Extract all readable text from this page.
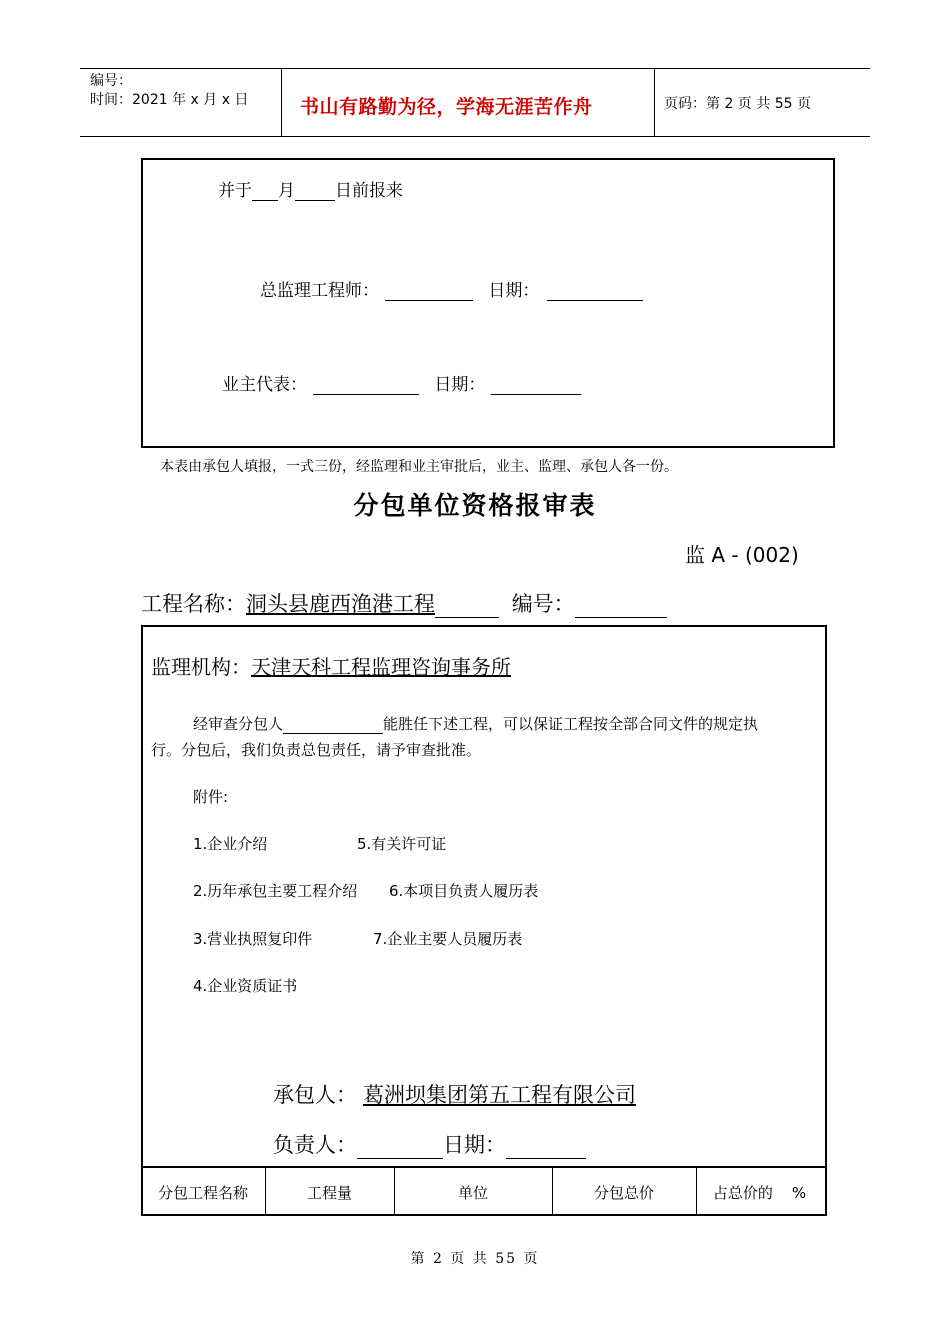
编号：
时间：2021 年 x 月 x 日	书山有路勤为径，学海无涯苦作舟	页码：第 2 页 共 55 页
并于 月 日前报来
总监理工程师：	日期：
业主代表：	日期：
本表由承包人填报，一式三份，经监理和业主审批后，业主、监理、承包人各一份。
分包单位资格报审表
监 A - (002)
工程名称：洞头县鹿西渔港工程	编号：
监理机构：天津天科工程监理咨询事务所
经审查分包人	能胜任下述工程，可以保证工程按全部合同文件的规定执
行。分包后，我们负责总包责任，请予审查批准。
附件:
1.企业介绍	5.有关许可证
2.历年承包主要工程介绍 6.本项目负责人履历表
3.营业执照复印件	7.企业主要人员履历表
4.企业资质证书
承包人： 葛洲坝集团第五工程有限公司
负责人：	日期：
分包工程名称	工程量	单位	分包总价	占总价的    %
第 2 页 共 55 页
